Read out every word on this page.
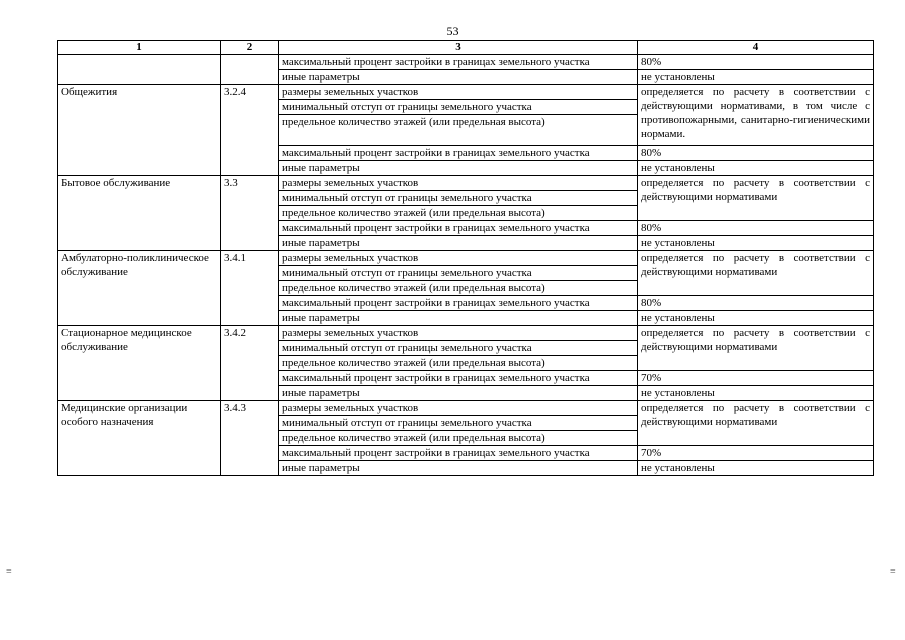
53
≡	≡
1	2	3	4
		максимальный процент застройки в границах земельного участка	80%
		иные параметры	не установлены
Общежития	3.2.4	размеры земельных участков	определяется по расчету в соответствии с действующими нормативами, в том числе с противопожарными, санитарно-гигиеническими нормами.
		минимальный отступ от границы земельного участка	
		предельное количество этажей (или предельная высота)	
		максимальный процент застройки в границах земельного участка	80%
		иные параметры	не установлены
Бытовое обслуживание	3.3	размеры земельных участков	определяется по расчету в соответствии с действующими нормативами
		минимальный отступ от границы земельного участка	
		предельное количество этажей (или предельная высота)	
		максимальный процент застройки в границах земельного участка	80%
		иные параметры	не установлены
Амбулаторно-поликлиническое обслуживание	3.4.1	размеры земельных участков	определяется по расчету в соответствии с действующими нормативами
		минимальный отступ от границы земельного участка	
		предельное количество этажей (или предельная высота)	
		максимальный процент застройки в границах земельного участка	80%
		иные параметры	не установлены
Стационарное медицинское обслуживание	3.4.2	размеры земельных участков	определяется по расчету в соответствии с действующими нормативами
		минимальный отступ от границы земельного участка	
		предельное количество этажей (или предельная высота)	
		максимальный процент застройки в границах земельного участка	70%
		иные параметры	не установлены
Медицинские организации особого назначения	3.4.3	размеры земельных участков	определяется по расчету в соответствии с действующими нормативами
		минимальный отступ от границы земельного участка	
		предельное количество этажей (или предельная высота)	
		максимальный процент застройки в границах земельного участка	70%
		иные параметры	не установлены
